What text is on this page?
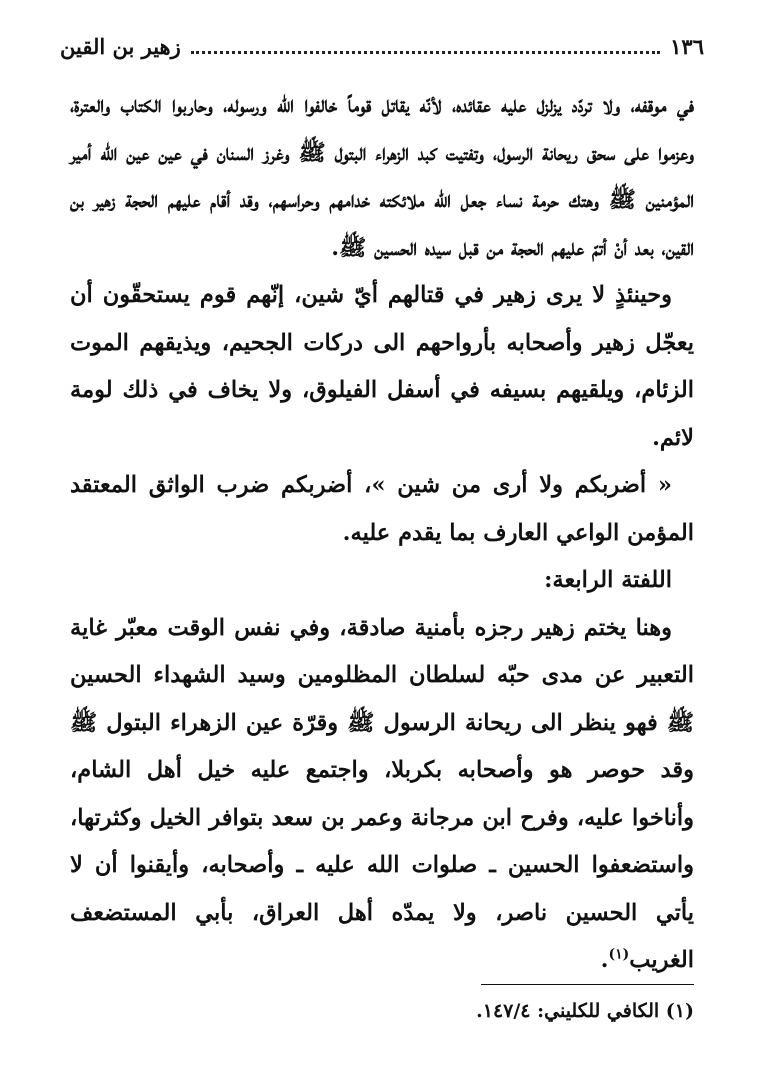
١٣٦
زهير بن القين

في موقفه، ولا تردّد يزلزل عليه عقائده، لأنّه يقاتل قوماً خالفوا الله ورسوله، وحاربوا الكتاب والعترة، وعزموا على سحق ريحانة الرسول، وتفتيت كبد الزهراء البتول ﷺ وغرز السنان في عين عين الله أمير المؤمنين ﷺ وهتك حرمة نساء جعل الله ملائكته خدامهم وحراسهم، وقد أقام عليهم الحجة زهير بن القين، بعد أنْ أتمّ عليهم الحجة من قبل سيده الحسين ﷺ.

وحينئذٍ لا يرى زهير في قتالهم أيّ شين، إنّهم قوم يستحقّون أن يعجّل زهير وأصحابه بأرواحهم الى دركات الجحيم، ويذيقهم الموت الزئام، ويلقيهم بسيفه في أسفل الفيلوق، ولا يخاف في ذلك لومة لائم.

« أضربكم ولا أرى من شين »، أضربكم ضرب الواثق المعتقد المؤمن الواعي العارف بما يقدم عليه.

اللفتة الرابعة:

وهنا يختم زهير رجزه بأمنية صادقة، وفي نفس الوقت معبّر غاية التعبير عن مدى حبّه لسلطان المظلومين وسيد الشهداء الحسين ﷺ فهو ينظر الى ريحانة الرسول ﷺ وقرّة عين الزهراء البتول ﷺ وقد حوصر هو وأصحابه بكربلا، واجتمع عليه خيل أهل الشام، وأناخوا عليه، وفرح ابن مرجانة وعمر بن سعد بتوافر الخيل وكثرتها، واستضعفوا الحسين ـ صلوات الله عليه ـ وأصحابه، وأيقنوا أن لا يأتي الحسين ناصر، ولا يمدّه أهل العراق، بأبي المستضعف الغريب$^{(١)}$.

(١) الكافي للكليني: ١٤٧/٤.
